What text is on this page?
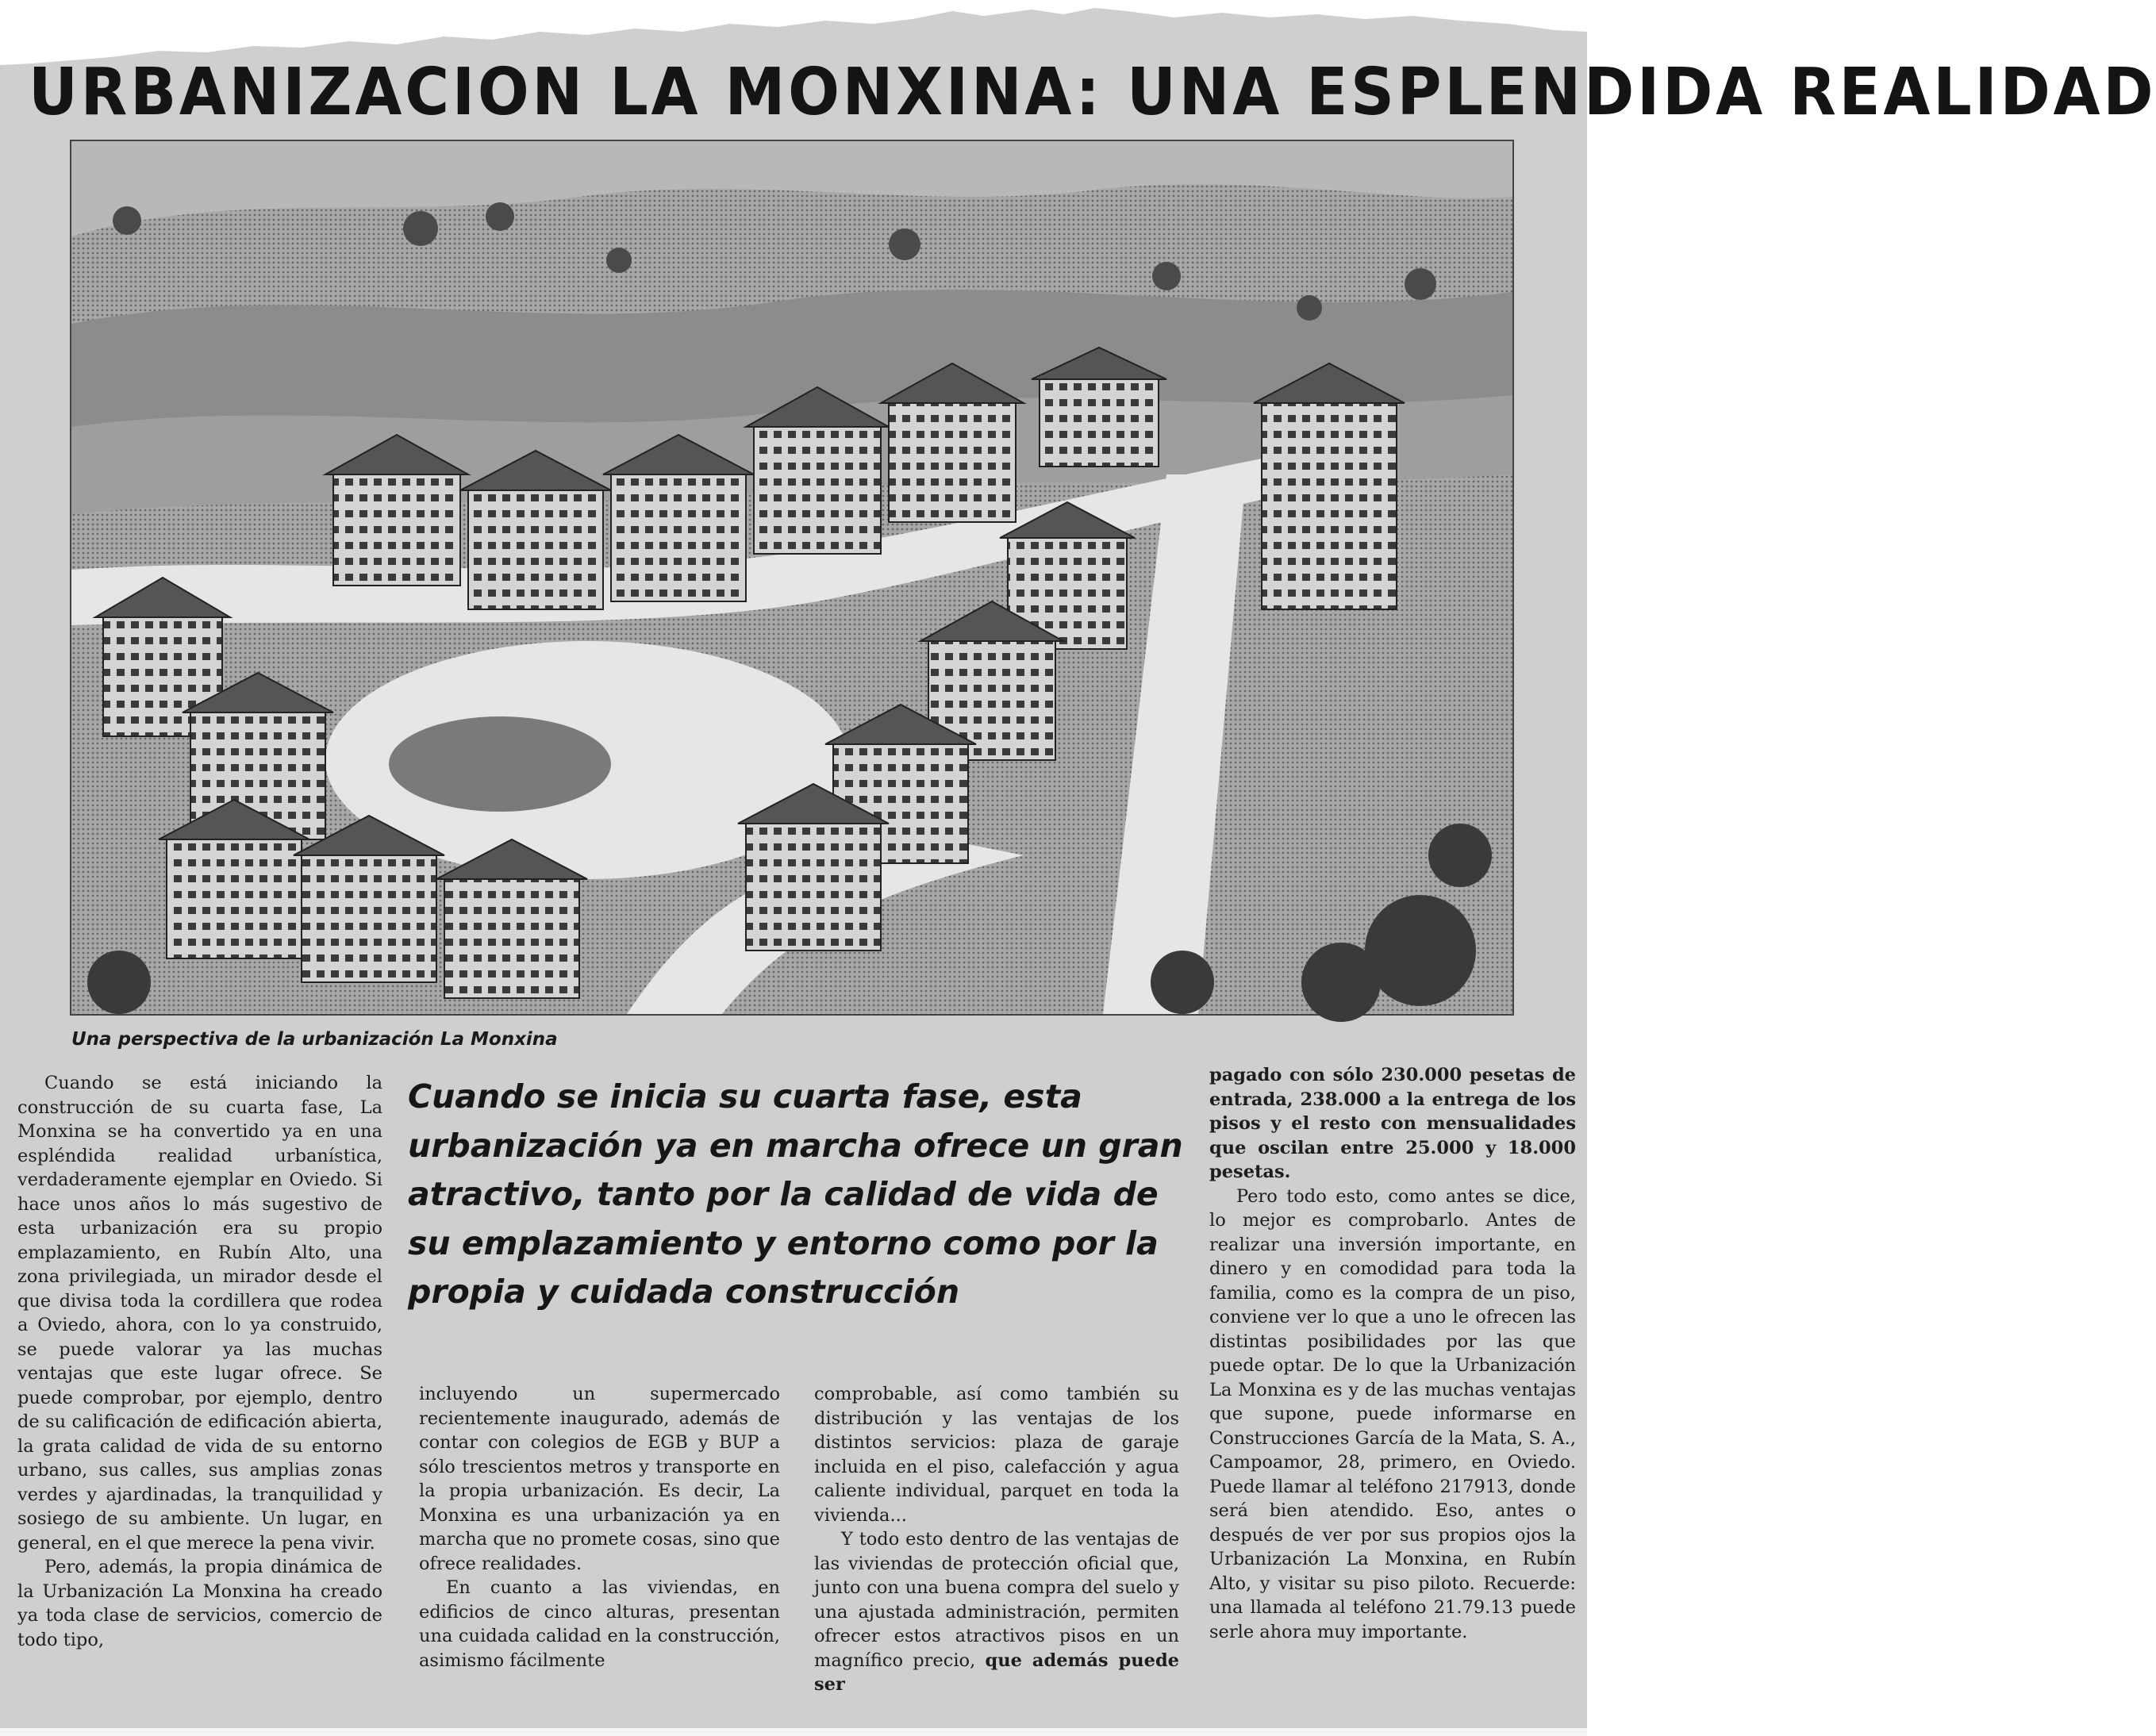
URBANIZACION LA MONXINA: UNA ESPLENDIDA REALIDAD
Una perspectiva de la urbanización La Monxina

Cuando se está iniciando la construcción de su cuarta fase, La Monxina se ha convertido ya en una espléndida realidad urbanística, verdaderamente ejemplar en Oviedo. Si hace unos años lo más sugestivo de esta urbanización era su propio emplazamiento, en Rubín Alto, una zona privilegiada, un mirador desde el que divisa toda la cordillera que rodea a Oviedo, ahora, con lo ya construido, se puede valorar ya las muchas ventajas que este lugar ofrece. Se puede comprobar, por ejemplo, dentro de su calificación de edificación abierta, la grata calidad de vida de su entorno urbano, sus calles, sus amplias zonas verdes y ajardinadas, la tranquilidad y sosiego de su ambiente. Un lugar, en general, en el que merece la pena vivir.

Pero, además, la propia dinámica de la Urbanización La Monxina ha creado ya toda clase de servicios, comercio de todo tipo,

Cuando se inicia su cuarta fase, esta urbanización ya en marcha ofrece un gran atractivo, tanto por la calidad de vida de su emplazamiento y entorno como por la propia y cuidada construcción

incluyendo un supermercado recientemente inaugurado, además de contar con colegios de EGB y BUP a sólo trescientos metros y transporte en la propia urbanización. Es decir, La Monxina es una urbanización ya en marcha que no promete cosas, sino que ofrece realidades.

En cuanto a las viviendas, en edificios de cinco alturas, presentan una cuidada calidad en la construcción, asimismo fácilmente

comprobable, así como también su distribución y las ventajas de los distintos servicios: plaza de garaje incluida en el piso, calefacción y agua caliente individual, parquet en toda la vivienda...

Y todo esto dentro de las ventajas de las viviendas de protección oficial que, junto con una buena compra del suelo y una ajustada administración, permiten ofrecer estos atractivos pisos en un magnífico precio, que además puede ser

pagado con sólo 230.000 pesetas de entrada, 238.000 a la entrega de los pisos y el resto con mensualidades que oscilan entre 25.000 y 18.000 pesetas.

Pero todo esto, como antes se dice, lo mejor es comprobarlo. Antes de realizar una inversión importante, en dinero y en comodidad para toda la familia, como es la compra de un piso, conviene ver lo que a uno le ofrecen las distintas posibilidades por las que puede optar. De lo que la Urbanización La Monxina es y de las muchas ventajas que supone, puede informarse en Construcciones García de la Mata, S. A., Campoamor, 28, primero, en Oviedo. Puede llamar al teléfono 217913, donde será bien atendido. Eso, antes o después de ver por sus propios ojos la Urbanización La Monxina, en Rubín Alto, y visitar su piso piloto. Recuerde: una llamada al teléfono 21.79.13 puede serle ahora muy importante.
